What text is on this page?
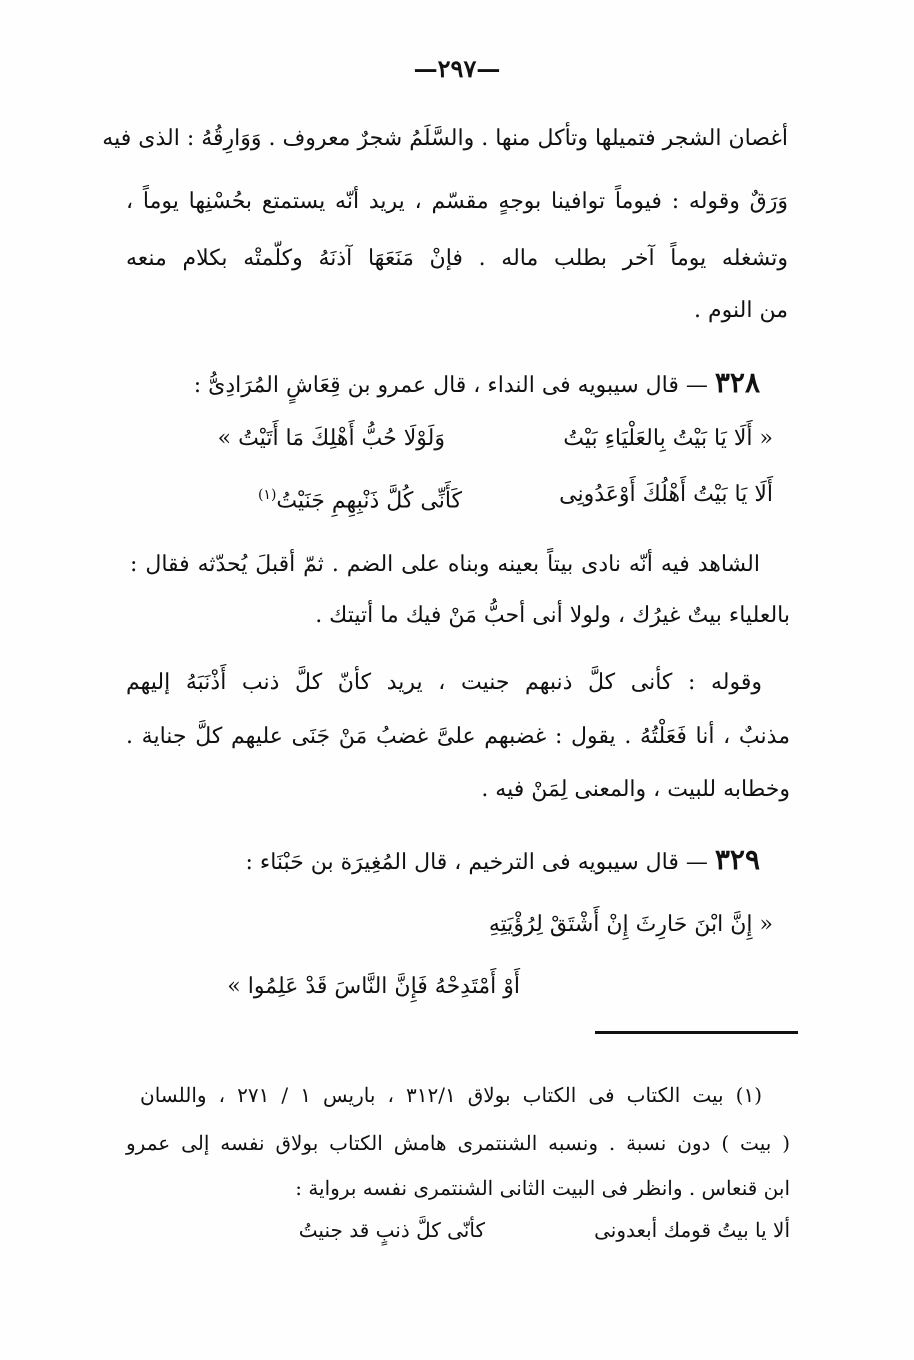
—٢٩٧—
أغصان الشجر فتميلها وتأكل منها . والسَّلَمُ شجرٌ معروف . وَوَارِقُهُ : الذى فيه
وَرَقٌ وقوله : فيوماً توافينا بوجهٍ مقسّم ، يريد أنّه يستمتع بحُسْنِها يوماً ،
وتشغله يوماً آخر بطلب ماله . فإنْ مَنَعَهَا آذنَهُ وكلّمتْه بكلام منعه
من النوم .
٣٢٨ — قال سيبويه فى النداء ، قال عمرو بن قِعَاشٍ المُرَادِىُّ :
« أَلَا يَا بَيْتُ بِالعَلْيَاءِ بَيْتُ
وَلَوْلَا حُبُّ أَهْلِكَ مَا أَتَيْتُ »
أَلَا يَا بَيْتُ أَهْلُكَ أَوْعَدُونِى
كَأَنِّى كُلَّ ذَنْبِهِمِ جَنَيْتُ$^{(١)}$
الشاهد فيه أنّه نادى بيتاً بعينه وبناه على الضم . ثمّ أقبلَ يُحدّثه فقال :
بالعلياء بيتٌ غيرُك ، ولولا أنى أحبُّ مَنْ فيك ما أتيتك .
وقوله : كأنى كلَّ ذنبهم جنيت ، يريد كأنّ كلَّ ذنب أَذْنَبَهُ إليهم
مذنبٌ ، أنا فَعَلْتُهُ . يقول : غضبهم علىَّ غضبُ مَنْ جَنَى عليهم كلَّ جناية .
وخطابه للبيت ، والمعنى لِمَنْ فيه .
٣٢٩ — قال سيبويه فى الترخيم ، قال المُغِيرَة بن حَبْنَاء :
« إِنَّ ابْنَ حَارِثَ إِنْ أَشْتَقْ لِرُؤْيَتِهِ
أَوْ أَمْتَدِحْهُ فَإِنَّ النَّاسَ قَدْ عَلِمُوا »
(١) بيت الكتاب فى الكتاب بولاق ٣١٢/١ ، باريس ١ / ٢٧١ ، واللسان
( بيت ) دون نسبة . ونسبه الشنتمرى هامش الكتاب بولاق نفسه إلى عمرو
ابن قنعاس . وانظر فى البيت الثانى الشنتمرى نفسه برواية :
ألا يا بيتُ قومك أبعدونى
كأنّى كلَّ ذنبٍ قد جنيتُ
